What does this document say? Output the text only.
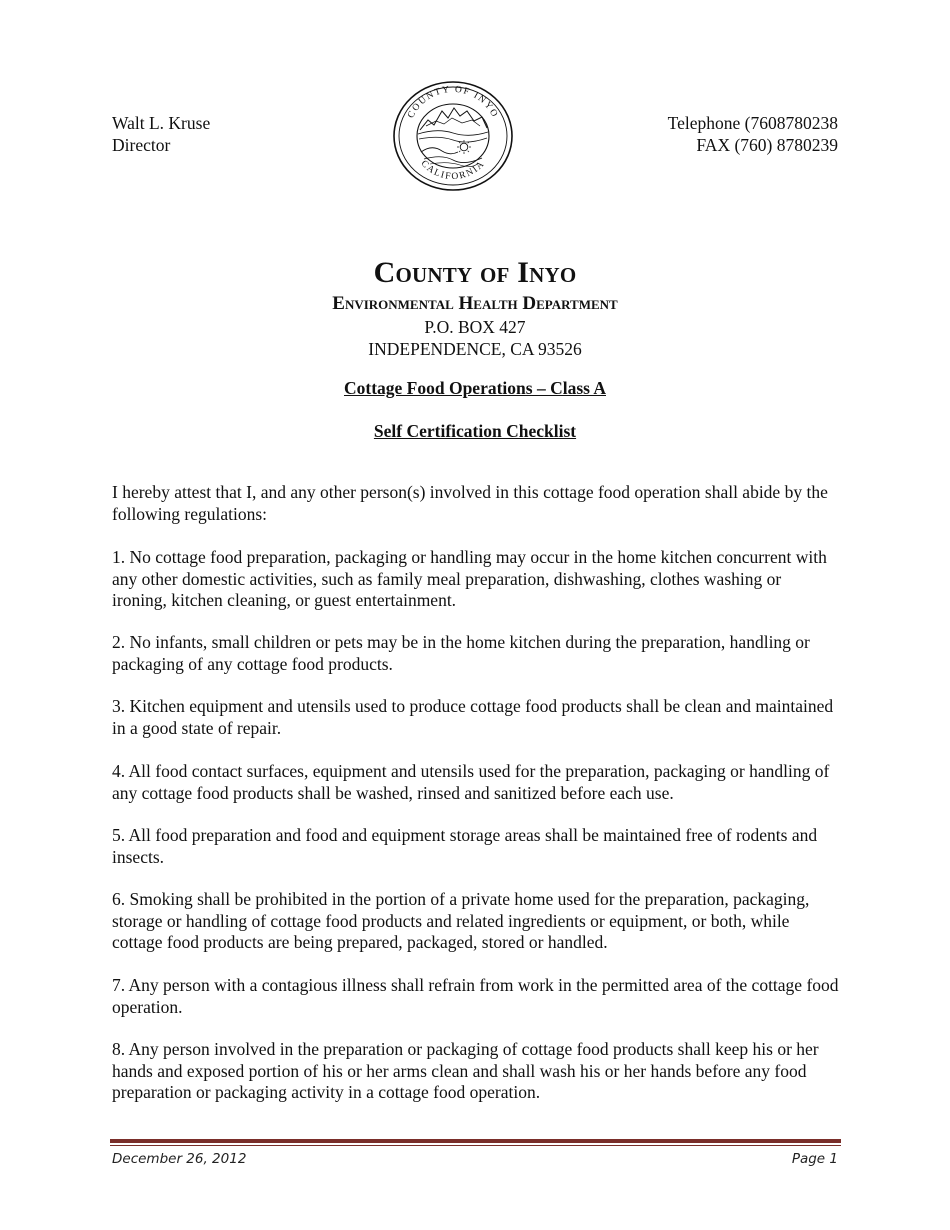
Walt L. Kruse
Director
Telephone (7608780238
FAX (760) 8780239
COUNTY OF INYO
CALIFORNIA
County of Inyo
Environmental Health Department
P.O. BOX 427
INDEPENDENCE, CA 93526
Cottage Food Operations – Class A
Self Certification Checklist

I hereby attest that I, and any other person(s) involved in this cottage food operation shall abide by the following regulations:

1. No cottage food preparation, packaging or handling may occur in the home kitchen concurrent with any other domestic activities, such as family meal preparation, dishwashing, clothes washing or ironing, kitchen cleaning, or guest entertainment.

2. No infants, small children or pets may be in the home kitchen during the preparation, handling or packaging of any cottage food products.

3. Kitchen equipment and utensils used to produce cottage food products shall be clean and maintained in a good state of repair.

4. All food contact surfaces, equipment and utensils used for the preparation, packaging or handling of any cottage food products shall be washed, rinsed and sanitized before each use.

5. All food preparation and food and equipment storage areas shall be maintained free of rodents and insects.

6. Smoking shall be prohibited in the portion of a private home used for the preparation, packaging, storage or handling of cottage food products and related ingredients or equipment, or both, while cottage food products are being prepared, packaged, stored or handled.

7. Any person with a contagious illness shall refrain from work in the permitted area of the cottage food operation.

8. Any person involved in the preparation or packaging of cottage food products shall keep his or her hands and exposed portion of his or her arms clean and shall wash his or her hands before any food preparation or packaging activity in a cottage food operation.

December 26, 2012	Page 1
